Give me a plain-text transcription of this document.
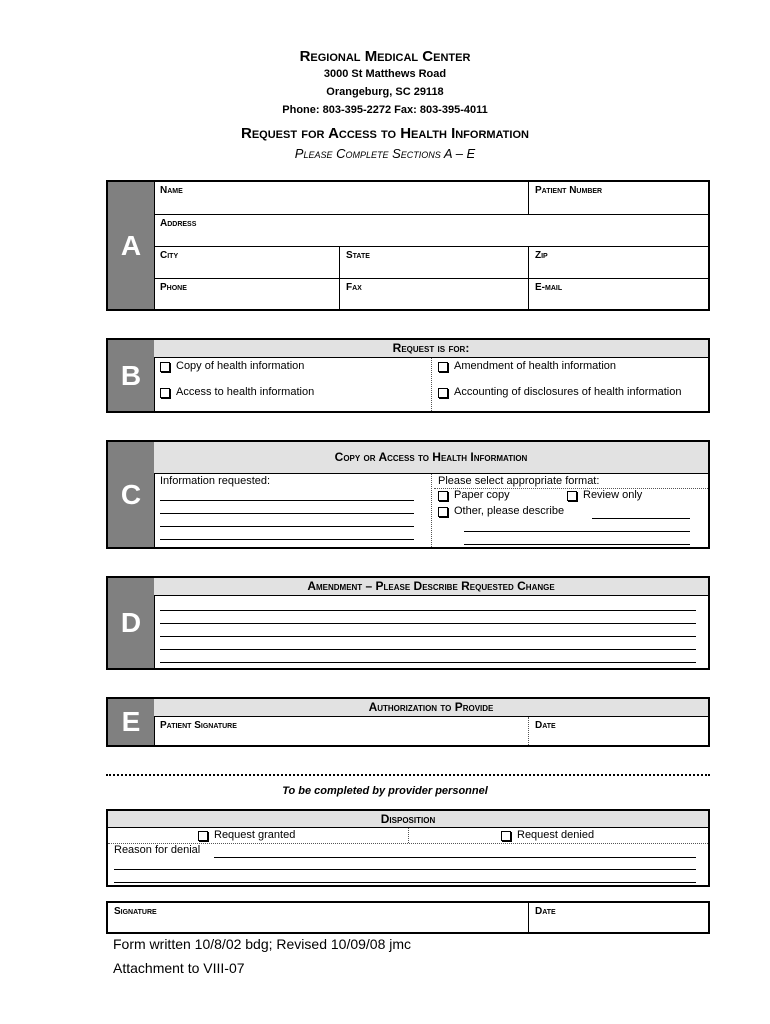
Regional Medical Center
3000 St Matthews Road
Orangeburg, SC 29118
Phone: 803-395-2272 Fax: 803-395-4011
Request for Access to Health Information
Please Complete Sections A – E
A
Name	Patient Number
Address
City	State	Zip
Phone	Fax	E-mail
B
Request is for:
Copy of health information	Amendment of health information
Access to health information	Accounting of disclosures of health information
C
Copy or Access to Health Information
Information requested:	Please select appropriate format:
Paper copy	Review only
Other, please describe
D
Amendment – Please Describe Requested Change
E	Authorization to Provide
Patient Signature	Date
To be completed by provider personnel
Disposition
Request granted	Request denied
Reason for denial
Signature	Date
Form written 10/8/02 bdg; Revised 10/09/08 jmc
Attachment to VIII-07
